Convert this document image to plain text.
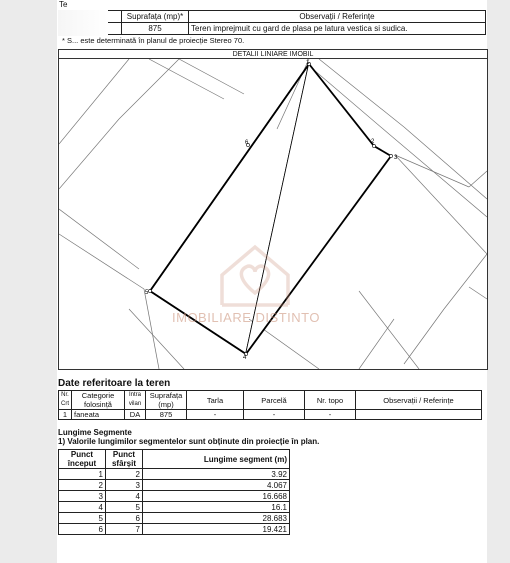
Te
	Suprafața (mp)*	Observații / Referințe
	875	Teren imprejmuit cu gard de plasa pe latura vestica si sudica.
* S... este determinată în planul de proiecție Stereo 70.
DETALII LINIARE IMOBIL
1
2
3
4
5
6
IMOBILIARE DISTINTO
Date referitoare la teren
Nr. Crt	Categorie folosință	Intra vilan	Suprafața (mp)	Tarla	Parcelă	Nr. topo	Observații / Referințe
1	faneata	DA	875	-	-	-	
Lungime Segmente
1) Valorile lungimilor segmentelor sunt obținute din proiecție în plan.
Punct început	Punct sfârșit	Lungime segment (m)
1	2	3.92
2	3	4.067
3	4	16.668
4	5	16.1
5	6	28.683
6	7	19.421
